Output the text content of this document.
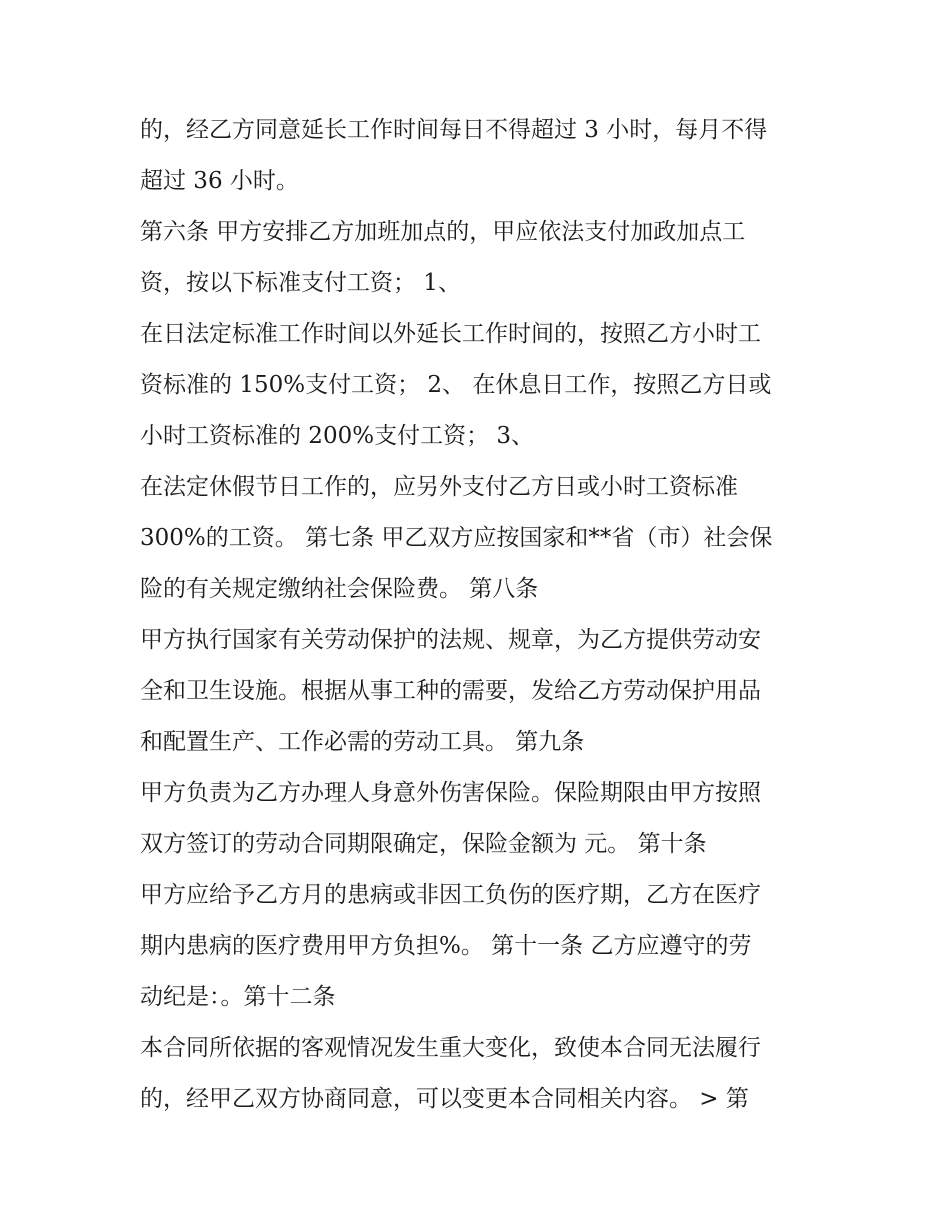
的，经乙方同意延长工作时间每日不得超过 3 小时，每月不得
超过 36 小时。
第六条 甲方安排乙方加班加点的，甲应依法支付加政加点工
资，按以下标准支付工资； 1、
在日法定标准工作时间以外延长工作时间的，按照乙方小时工
资标准的 150%支付工资； 2、 在休息日工作，按照乙方日或
小时工资标准的 200%支付工资； 3、
在法定休假节日工作的，应另外支付乙方日或小时工资标准
300%的工资。 第七条 甲乙双方应按国家和**省（市）社会保
险的有关规定缴纳社会保险费。 第八条
甲方执行国家有关劳动保护的法规、规章，为乙方提供劳动安
全和卫生设施。根据从事工种的需要，发给乙方劳动保护用品
和配置生产、工作必需的劳动工具。 第九条
甲方负责为乙方办理人身意外伤害保险。保险期限由甲方按照
双方签订的劳动合同期限确定，保险金额为 元。 第十条
甲方应给予乙方月的患病或非因工负伤的医疗期，乙方在医疗
期内患病的医疗费用甲方负担%。 第十一条 乙方应遵守的劳
动纪是：。第十二条
本合同所依据的客观情况发生重大变化，致使本合同无法履行
的，经甲乙双方协商同意，可以变更本合同相关内容。 > 第
